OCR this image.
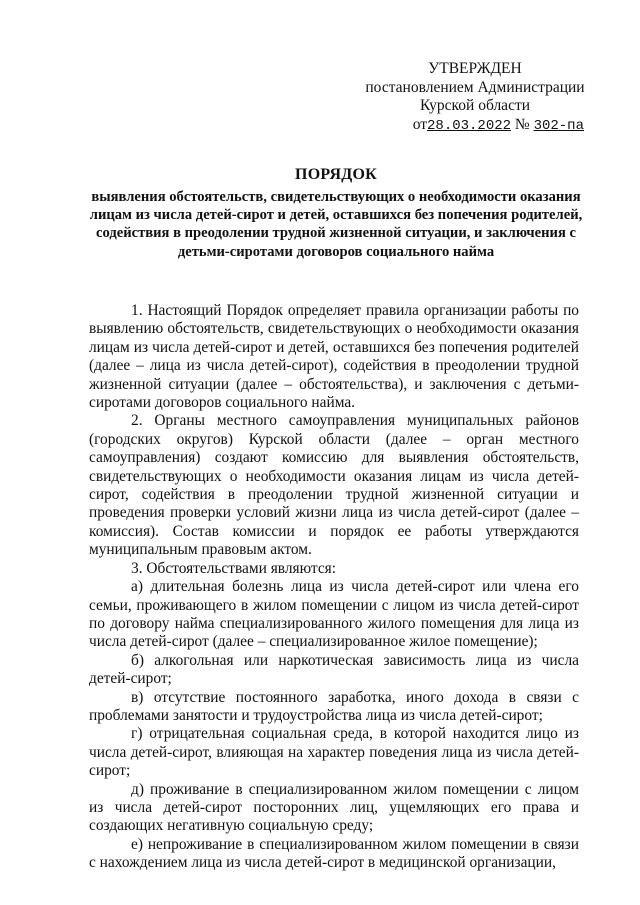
УТВЕРЖДЕН
постановлением Администрации
Курской области
от28.03.2022 № 302-па
ПОРЯДОК
выявления обстоятельств, свидетельствующих о необходимости оказания лицам из числа детей-сирот и детей, оставшихся без попечения родителей, содействия в преодолении трудной жизненной ситуации, и заключения с детьми-сиротами договоров социального найма

1. Настоящий Порядок определяет правила организации работы по выявлению обстоятельств, свидетельствующих о необходимости оказания лицам из числа детей-сирот и детей, оставшихся без попечения родителей (далее – лица из числа детей-сирот), содействия в преодолении трудной жизненной ситуации (далее – обстоятельства), и заключения с детьми-сиротами договоров социального найма.

2. Органы местного самоуправления муниципальных районов (городских округов) Курской области (далее – орган местного самоуправления) создают комиссию для выявления обстоятельств, свидетельствующих о необходимости оказания лицам из числа детей-сирот, содействия в преодолении трудной жизненной ситуации и проведения проверки условий жизни лица из числа детей-сирот (далее – комиссия). Состав комиссии и порядок ее работы утверждаются муниципальным правовым актом.

3. Обстоятельствами являются:

а) длительная болезнь лица из числа детей-сирот или члена его семьи, проживающего в жилом помещении с лицом из числа детей-сирот по договору найма специализированного жилого помещения для лица из числа детей-сирот (далее – специализированное жилое помещение);

б) алкогольная или наркотическая зависимость лица из числа детей-сирот;

в) отсутствие постоянного заработка, иного дохода в связи с проблемами занятости и трудоустройства лица из числа детей-сирот;

г) отрицательная социальная среда, в которой находится лицо из числа детей-сирот, влияющая на характер поведения лица из числа детей-сирот;

д) проживание в специализированном жилом помещении с лицом из числа детей-сирот посторонних лиц, ущемляющих его права и создающих негативную социальную среду;

е) непроживание в специализированном жилом помещении в связи с нахождением лица из числа детей-сирот в медицинской организации,
